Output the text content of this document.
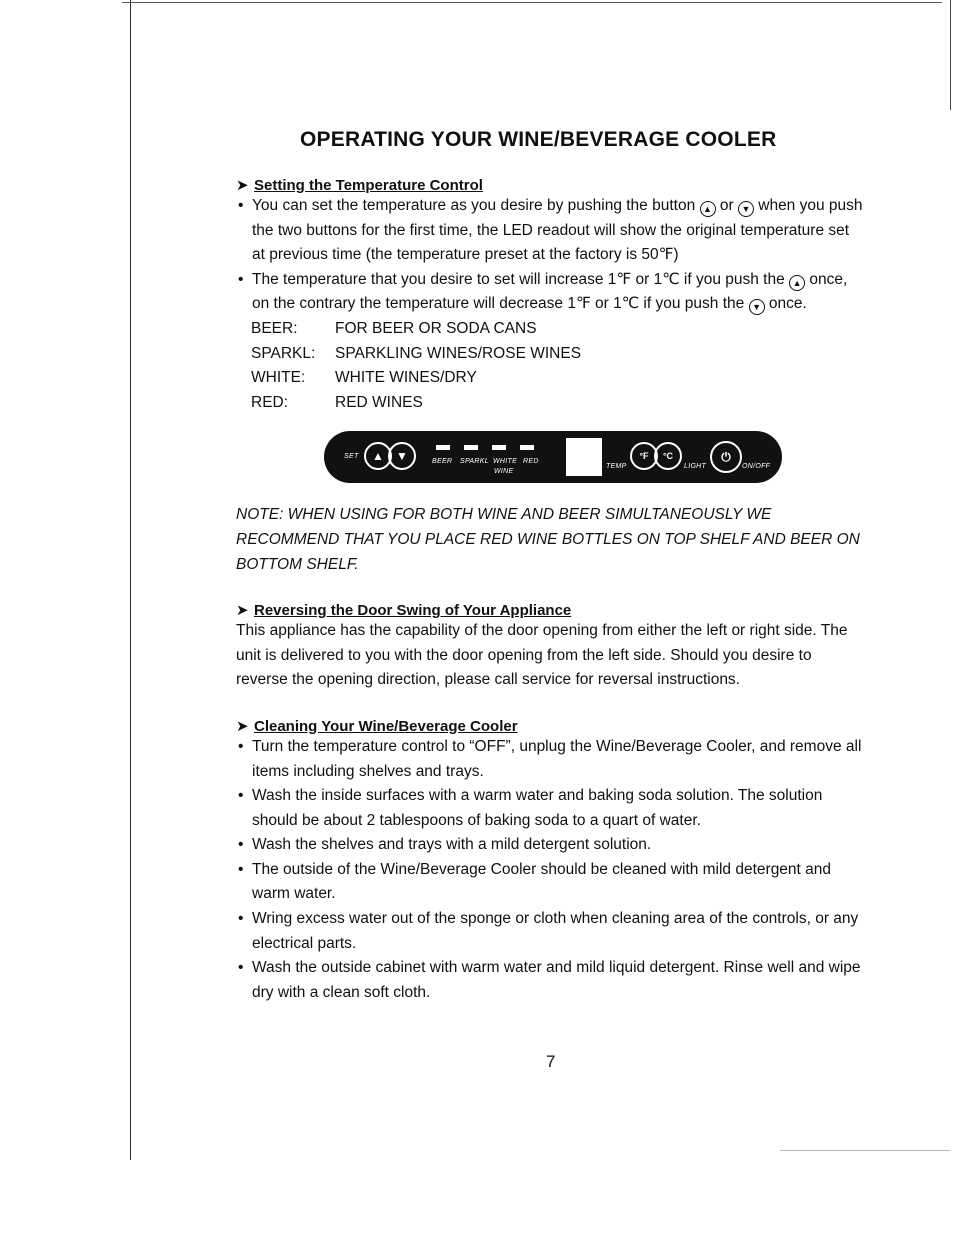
OPERATING YOUR WINE/BEVERAGE COOLER
➤ Setting the Temperature Control
• You can set the temperature as you desire by pushing the button ▲ or ▼ when you push the two buttons for the first time, the LED readout will show the original temperature set at previous time (the temperature preset at the factory is 50℉)
• The temperature that you desire to set will increase 1℉ or 1℃ if you push the ▲ once, on the contrary the temperature will decrease 1℉ or 1℃ if you push the ▼ once.
BEER:	FOR BEER OR SODA CANS
SPARKL:	SPARKLING WINES/ROSE WINES
WHITE:	WHITE WINES/DRY
RED:	RED WINES
SET	▲	▼	BEER SPARKL WHITE RED
WINE
TEMP
°F	°C
LIGHT
⏻
ON/OFF

NOTE: WHEN USING FOR BOTH WINE AND BEER SIMULTANEOUSLY WE RECOMMEND THAT YOU PLACE RED WINE BOTTLES ON TOP SHELF AND BEER ON BOTTOM SHELF.

➤ Reversing the Door Swing of Your Appliance

This appliance has the capability of the door opening from either the left or right side. The unit is delivered to you with the door opening from the left side. Should you desire to reverse the opening direction, please call service for reversal instructions.

➤ Cleaning Your Wine/Beverage Cooler
• Turn the temperature control to “OFF”, unplug the Wine/Beverage Cooler, and remove all items including shelves and trays.
• Wash the inside surfaces with a warm water and baking soda solution. The solution should be about 2 tablespoons of baking soda to a quart of water.
• Wash the shelves and trays with a mild detergent solution.
• The outside of the Wine/Beverage Cooler should be cleaned with mild detergent and warm water.
• Wring excess water out of the sponge or cloth when cleaning area of the controls, or any electrical parts.
• Wash the outside cabinet with warm water and mild liquid detergent. Rinse well and wipe dry with a clean soft cloth.
7
